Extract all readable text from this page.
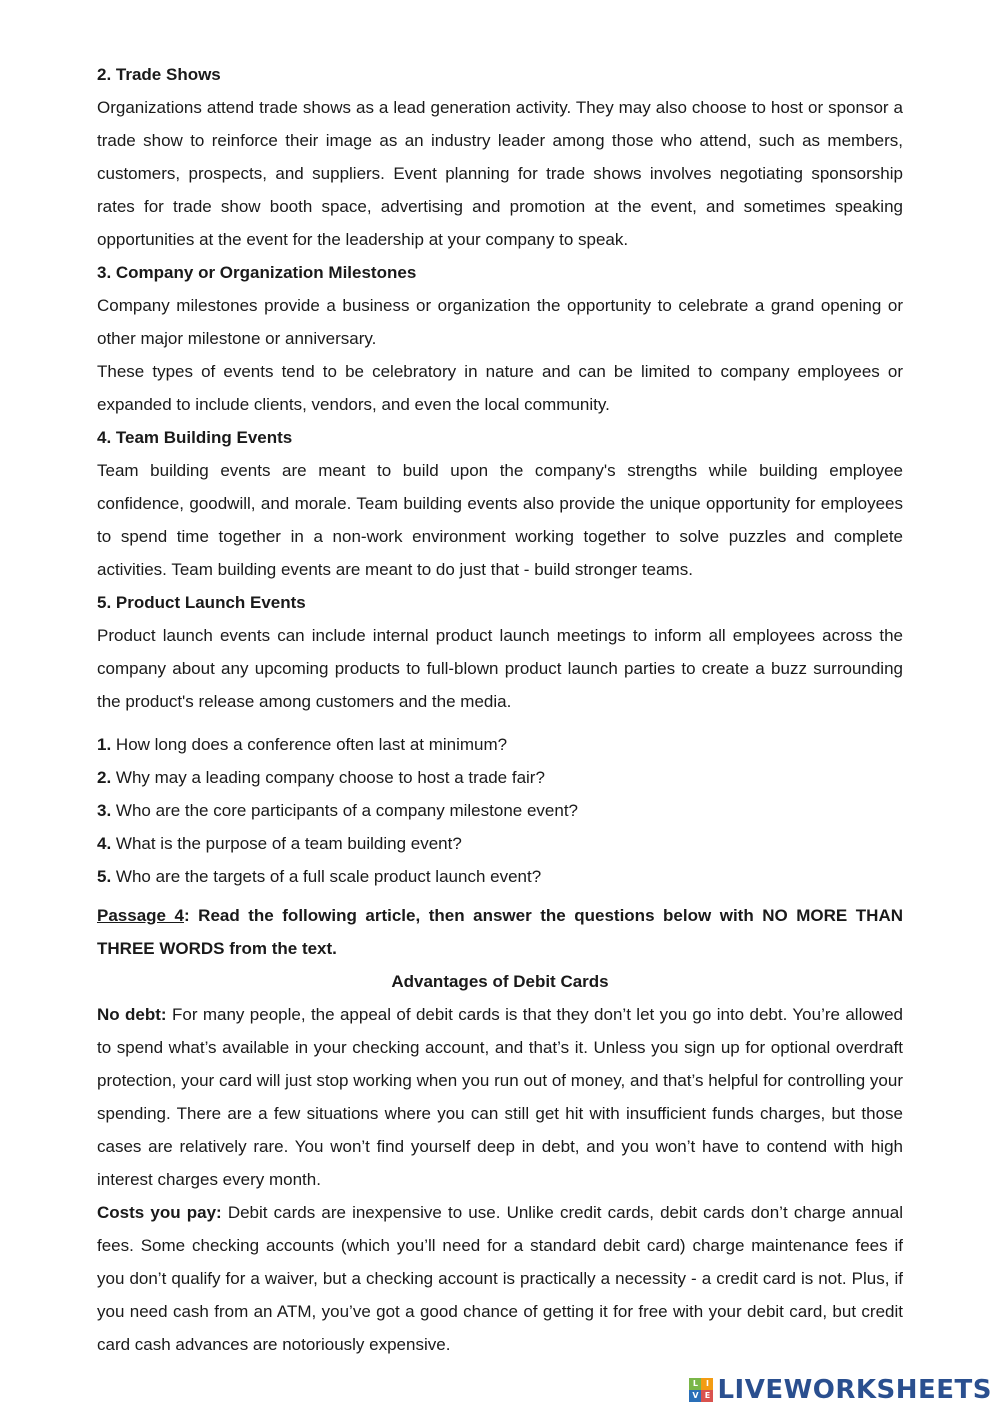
2. Trade Shows

Organizations attend trade shows as a lead generation activity. They may also choose to host or sponsor a trade show to reinforce their image as an industry leader among those who attend, such as members, customers, prospects, and suppliers. Event planning for trade shows involves negotiating sponsorship rates for trade show booth space, advertising and promotion at the event, and sometimes speaking opportunities at the event for the leadership at your company to speak.

3. Company or Organization Milestones

Company milestones provide a business or organization the opportunity to celebrate a grand opening or other major milestone or anniversary.

These types of events tend to be celebratory in nature and can be limited to company employees or expanded to include clients, vendors, and even the local community.

4. Team Building Events

Team building events are meant to build upon the company's strengths while building employee confidence, goodwill, and morale. Team building events also provide the unique opportunity for employees to spend time together in a non-work environment working together to solve puzzles and complete activities. Team building events are meant to do just that - build stronger teams.

5. Product Launch Events

Product launch events can include internal product launch meetings to inform all employees across the company about any upcoming products to full-blown product launch parties to create a buzz surrounding the product's release among customers and the media.

1. How long does a conference often last at minimum?

2. Why may a leading company choose to host a trade fair?

3. Who are the core participants of a company milestone event?

4. What is the purpose of a team building event?

5. Who are the targets of a full scale product launch event?

Passage 4: Read the following article, then answer the questions below with NO MORE THAN THREE WORDS from the text.

Advantages of Debit Cards

No debt: For many people, the appeal of debit cards is that they don’t let you go into debt. You’re allowed to spend what’s available in your checking account, and that’s it. Unless you sign up for optional overdraft protection, your card will just stop working when you run out of money, and that’s helpful for controlling your spending. There are a few situations where you can still get hit with insufficient funds charges, but those cases are relatively rare. You won’t find yourself deep in debt, and you won’t have to contend with high interest charges every month.

Costs you pay: Debit cards are inexpensive to use. Unlike credit cards, debit cards don’t charge annual fees. Some checking accounts (which you’ll need for a standard debit card) charge maintenance fees if you don’t qualify for a waiver, but a checking account is practically a necessity - a credit card is not. Plus, if you need cash from an ATM, you’ve got a good chance of getting it for free with your debit card, but credit card cash advances are notoriously expensive.

L I
V E LIVEWORKSHEETS
